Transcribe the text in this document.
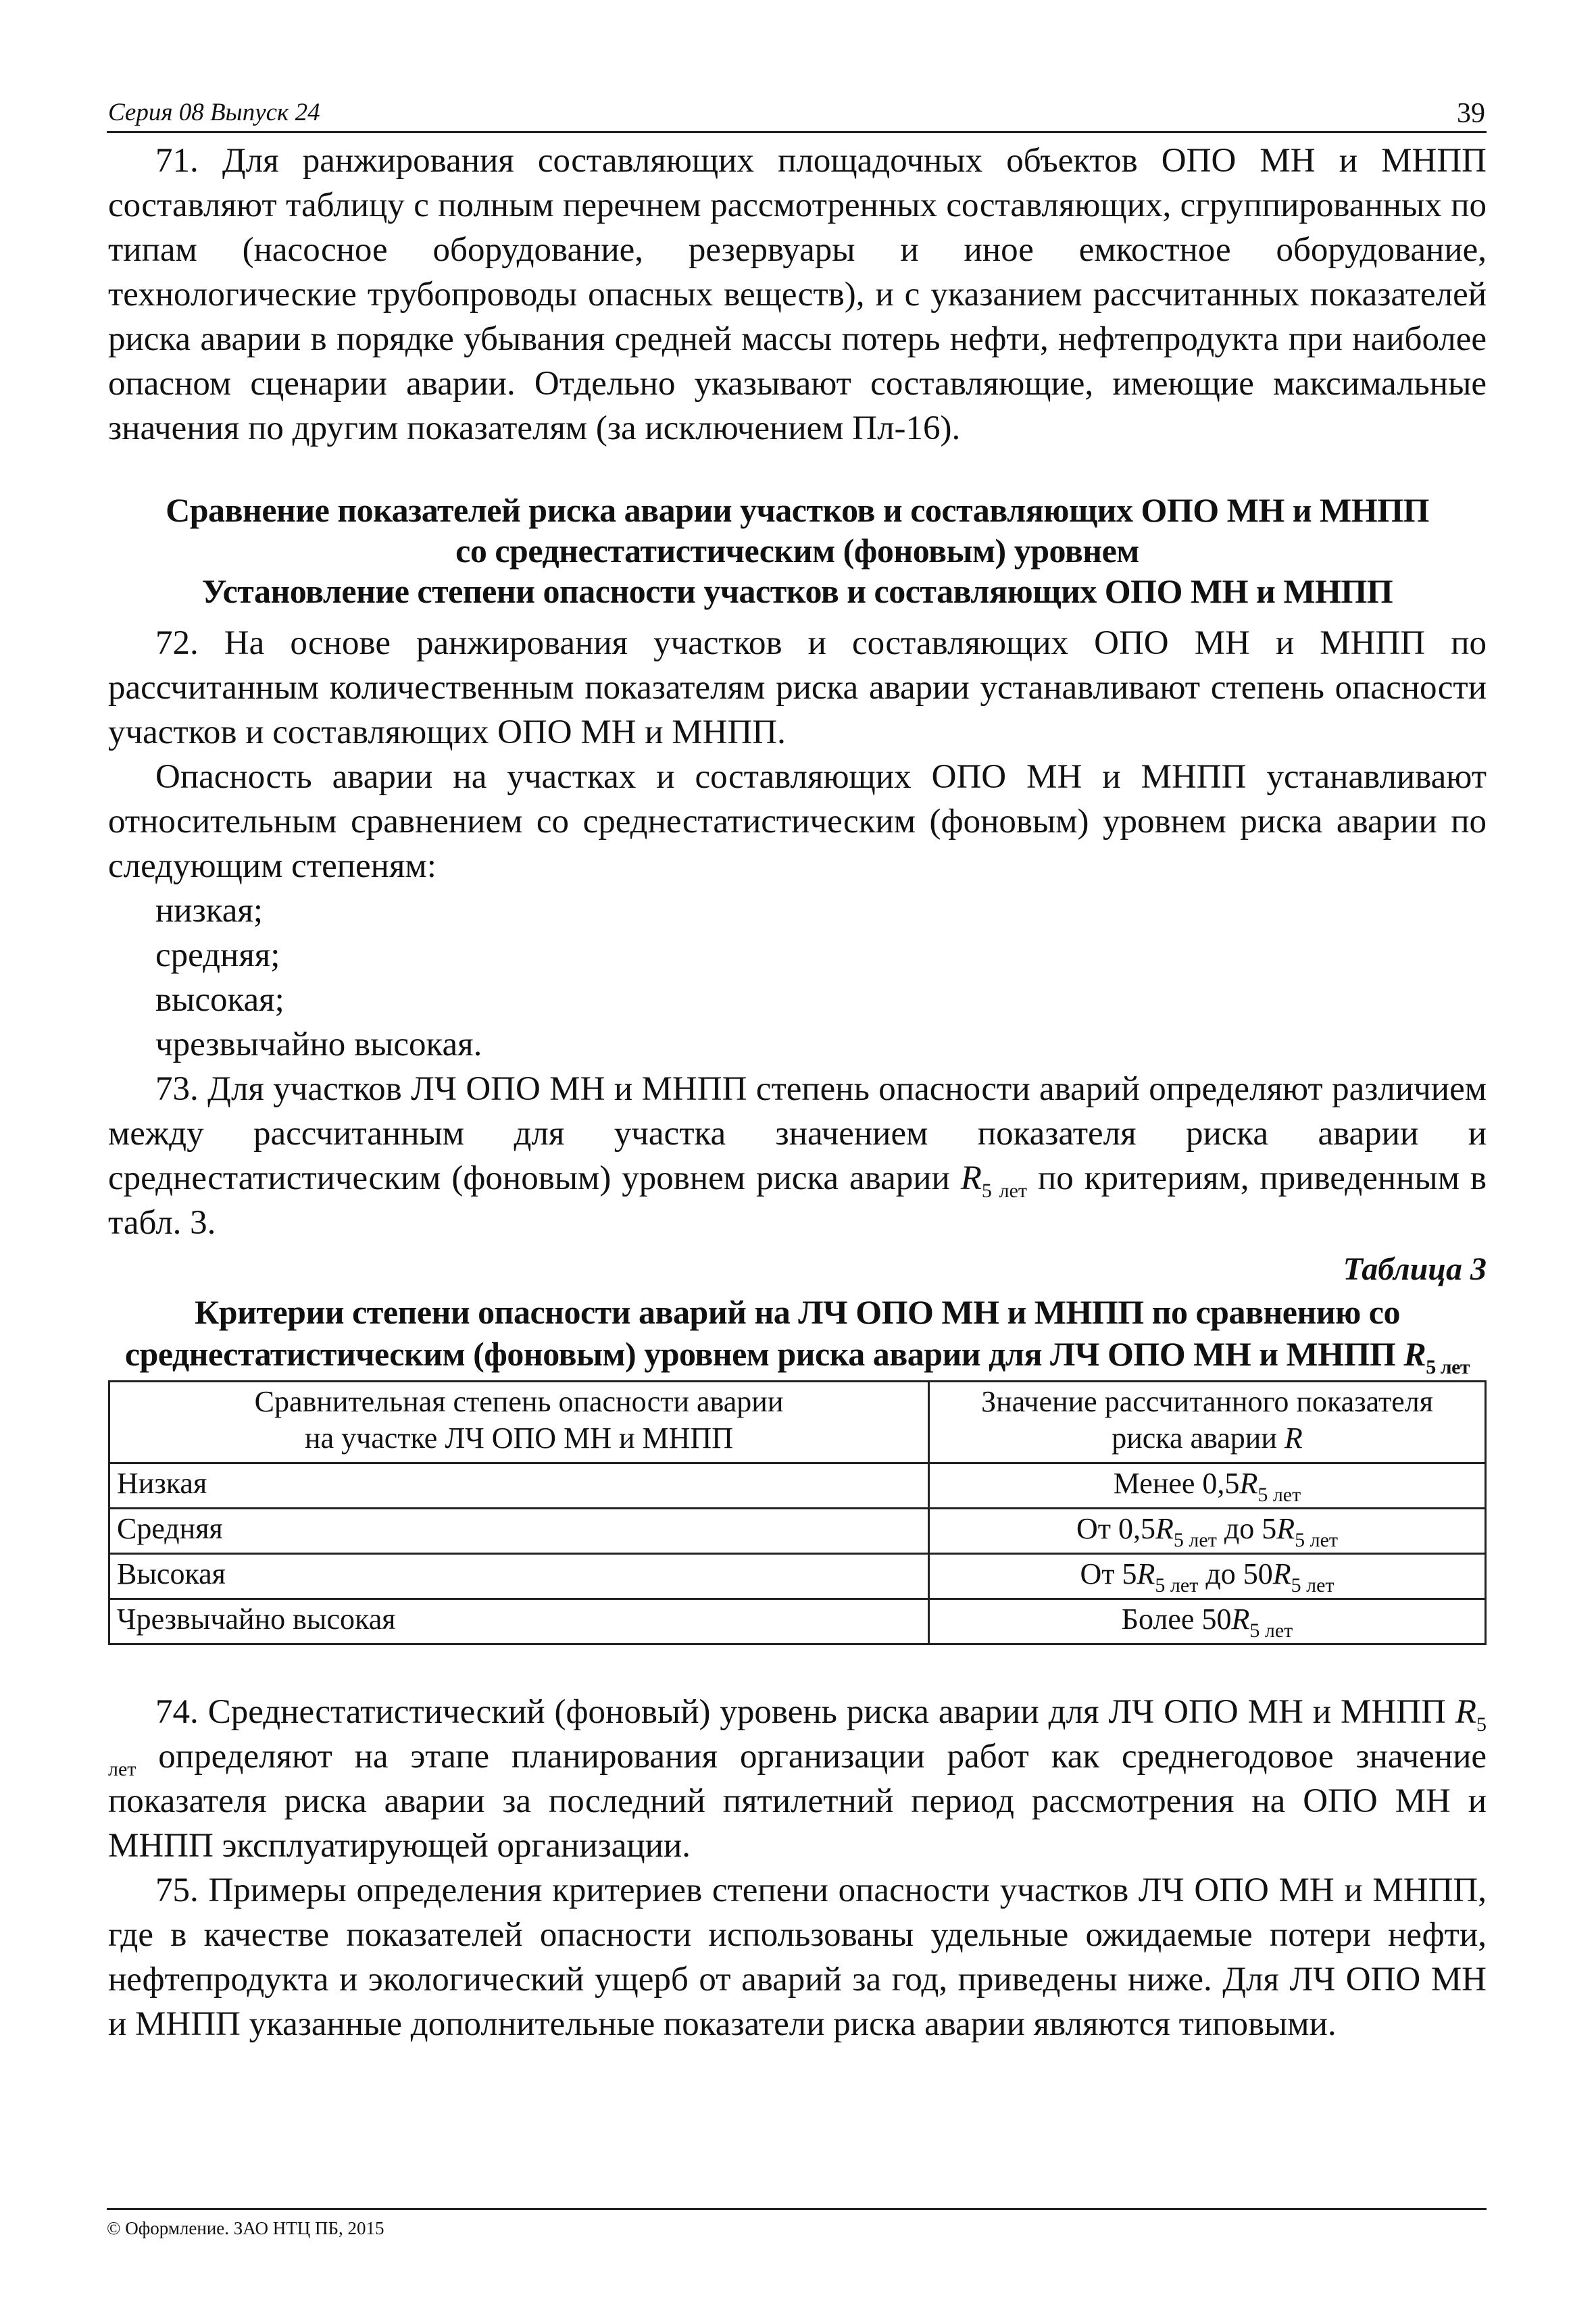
Серия 08 Выпуск 24	39

71. Для ранжирования составляющих площадочных объектов ОПО МН и МНПП составляют таблицу с полным перечнем рассмотренных составляющих, сгруппированных по типам (насосное оборудование, резервуары и иное емкостное оборудование, технологические трубопроводы опасных веществ), и с указанием рассчитанных показателей риска аварии в порядке убывания средней массы потерь нефти, нефтепродукта при наиболее опасном сценарии аварии. Отдельно указывают составляющие, имеющие максимальные значения по другим показателям (за исключением Пл-16).

Сравнение показателей риска аварии участков и составляющих ОПО МН и МНПП
со среднестатистическим (фоновым) уровнем
Установление степени опасности участков и составляющих ОПО МН и МНПП

72. На основе ранжирования участков и составляющих ОПО МН и МНПП по рассчитанным количественным показателям риска аварии устанавливают степень опасности участков и составляющих ОПО МН и МНПП.

Опасность аварии на участках и составляющих ОПО МН и МНПП устанавливают относительным сравнением со среднестатистическим (фоновым) уровнем риска аварии по следующим степеням:

низкая;
средняя;
высокая;
чрезвычайно высокая.

73. Для участков ЛЧ ОПО МН и МНПП степень опасности аварий определяют различием между рассчитанным для участка значением показателя риска аварии и среднестатистическим (фоновым) уровнем риска аварии $R_{5 лет}$ по критериям, приведенным в табл. 3.

Таблица 3
Критерии степени опасности аварий на ЛЧ ОПО МН и МНПП по сравнению со среднестатистическим (фоновым) уровнем риска аварии для ЛЧ ОПО МН и МНПП $R_{5 лет}$
Сравнительная степень опасности аварии
на участке ЛЧ ОПО МН и МНПП	Значение рассчитанного показателя
риска аварии R

Низкая	Менее $0,5R_{5 лет}$
Средняя	От $0,5R_{5 лет}$ до $5R_{5 лет}$
Высокая	От $5R_{5 лет}$ до $50R_{5 лет}$
Чрезвычайно высокая	Более $50R_{5 лет}$

74. Среднестатистический (фоновый) уровень риска аварии для ЛЧ ОПО МН и МНПП $R_{5 лет}$ определяют на этапе планирования организации работ как среднегодовое значение показателя риска аварии за последний пятилетний период рассмотрения на ОПО МН и МНПП эксплуатирующей организации.

75. Примеры определения критериев степени опасности участков ЛЧ ОПО МН и МНПП, где в качестве показателей опасности использованы удельные ожидаемые потери нефти, нефтепродукта и экологический ущерб от аварий за год, приведены ниже. Для ЛЧ ОПО МН и МНПП указанные дополнительные показатели риска аварии являются типовыми.

© Оформление. ЗАО НТЦ ПБ, 2015
